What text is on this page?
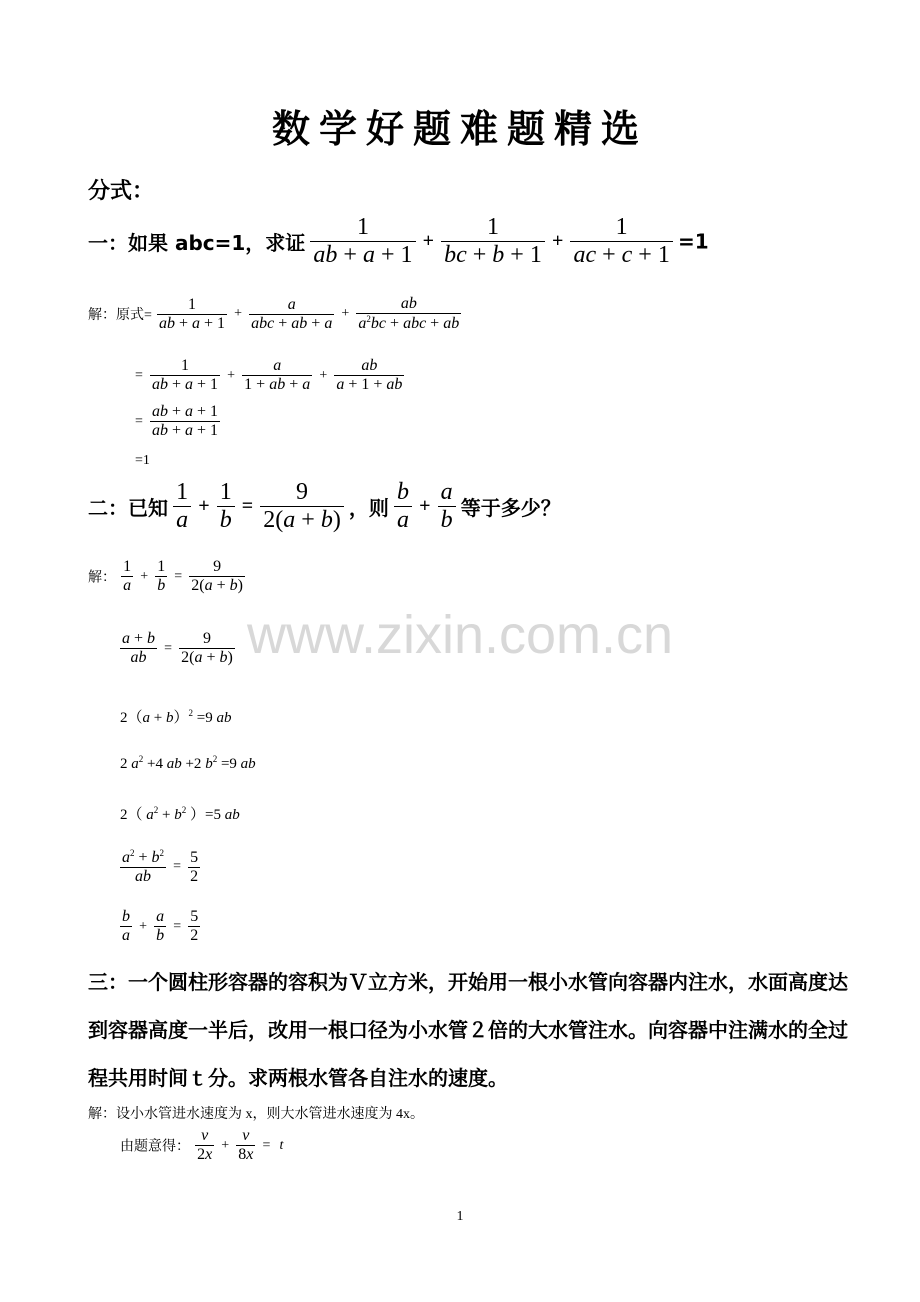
数学好题难题精选
分式：
一：如果 abc=1，求证 $\frac{1}{ab + a + 1} + \frac{1}{bc + b + 1} + \frac{1}{ac + c + 1} =1$
解：原式= $\frac{1}{ab + a + 1} + \frac{a}{\text{abc + ab + a}} + \frac{ab}{a^2bc + abc + ab}$
= $\frac{1}{ab + a + 1} + \frac{a}{1 + ab + a} + \frac{ab}{a + 1 + ab}$
= $\frac{ab + a + 1}{ab + a + 1}$
=1
二：已知 $\frac{1}{a} + \frac{1}{b} = \frac{9}{2(a + b)}$ ，则 $\frac{b}{a} + \frac{a}{b}$ 等于多少？
解： $\frac{1}{a} + \frac{1}{b} = \frac{9}{2(a + b)}$
$\frac{a + b}{ab} = \frac{9}{2(a + b)}$
$2(a + b)^2 =9$ ab
2 $a^2 +4$ ab +2 $b^2 =9$ ab
2（ $a^2 + b^2$ ）=5 ab
$\frac{a^2 + b^2}{ab} = \frac{5}{2}$
$\frac{b}{a} + \frac{a}{b} = \frac{5}{2}$
三：一个圆柱形容器的容积为Ｖ立方米，开始用一根小水管向容器内注水，水面高度达到容器高度一半后，改用一根口径为小水管２倍的大水管注水。向容器中注满水的全过程共用时间ｔ分。求两根水管各自注水的速度。
解：设小水管进水速度为 x，则大水管进水速度为 4x。
由题意得： $\frac{v}{2x} + \frac{v}{8x} = t$
www.zixin.com.cn
1
